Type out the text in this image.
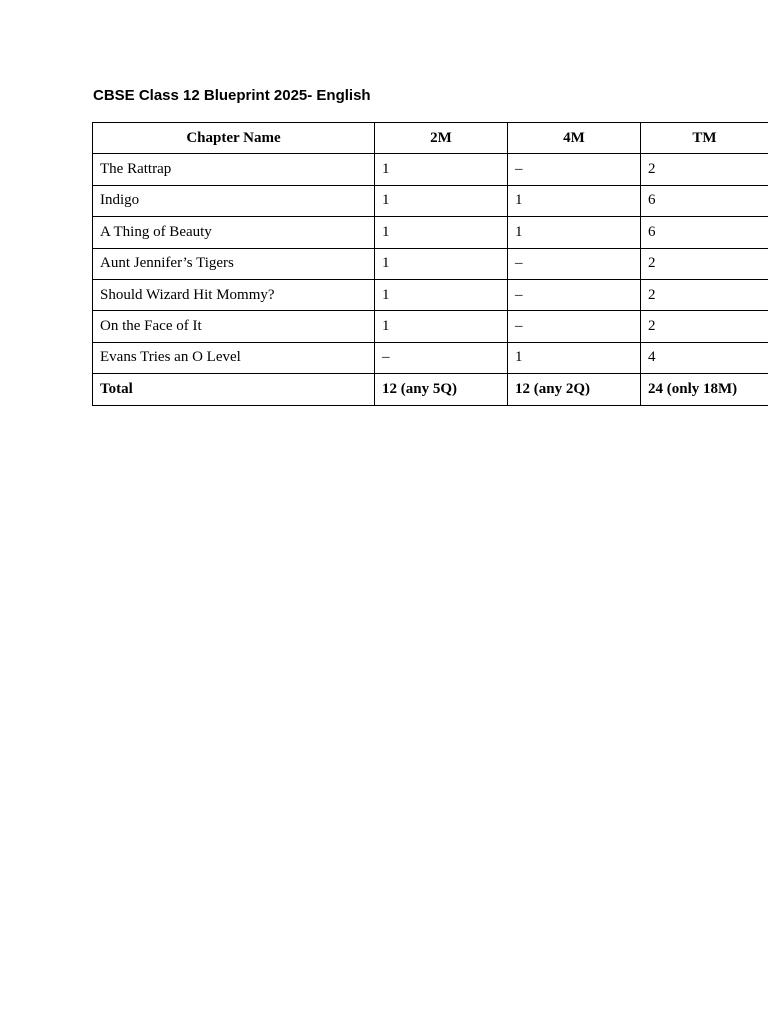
CBSE Class 12 Blueprint 2025- English
Chapter Name	2M	4M	TM
The Rattrap	1	–	2
Indigo	1	1	6
A Thing of Beauty	1	1	6
Aunt Jennifer’s Tigers	1	–	2
Should Wizard Hit Mommy?	1	–	2
On the Face of It	1	–	2
Evans Tries an O Level	–	1	4
Total	12 (any 5Q)	12 (any 2Q)	24 (only 18M)
